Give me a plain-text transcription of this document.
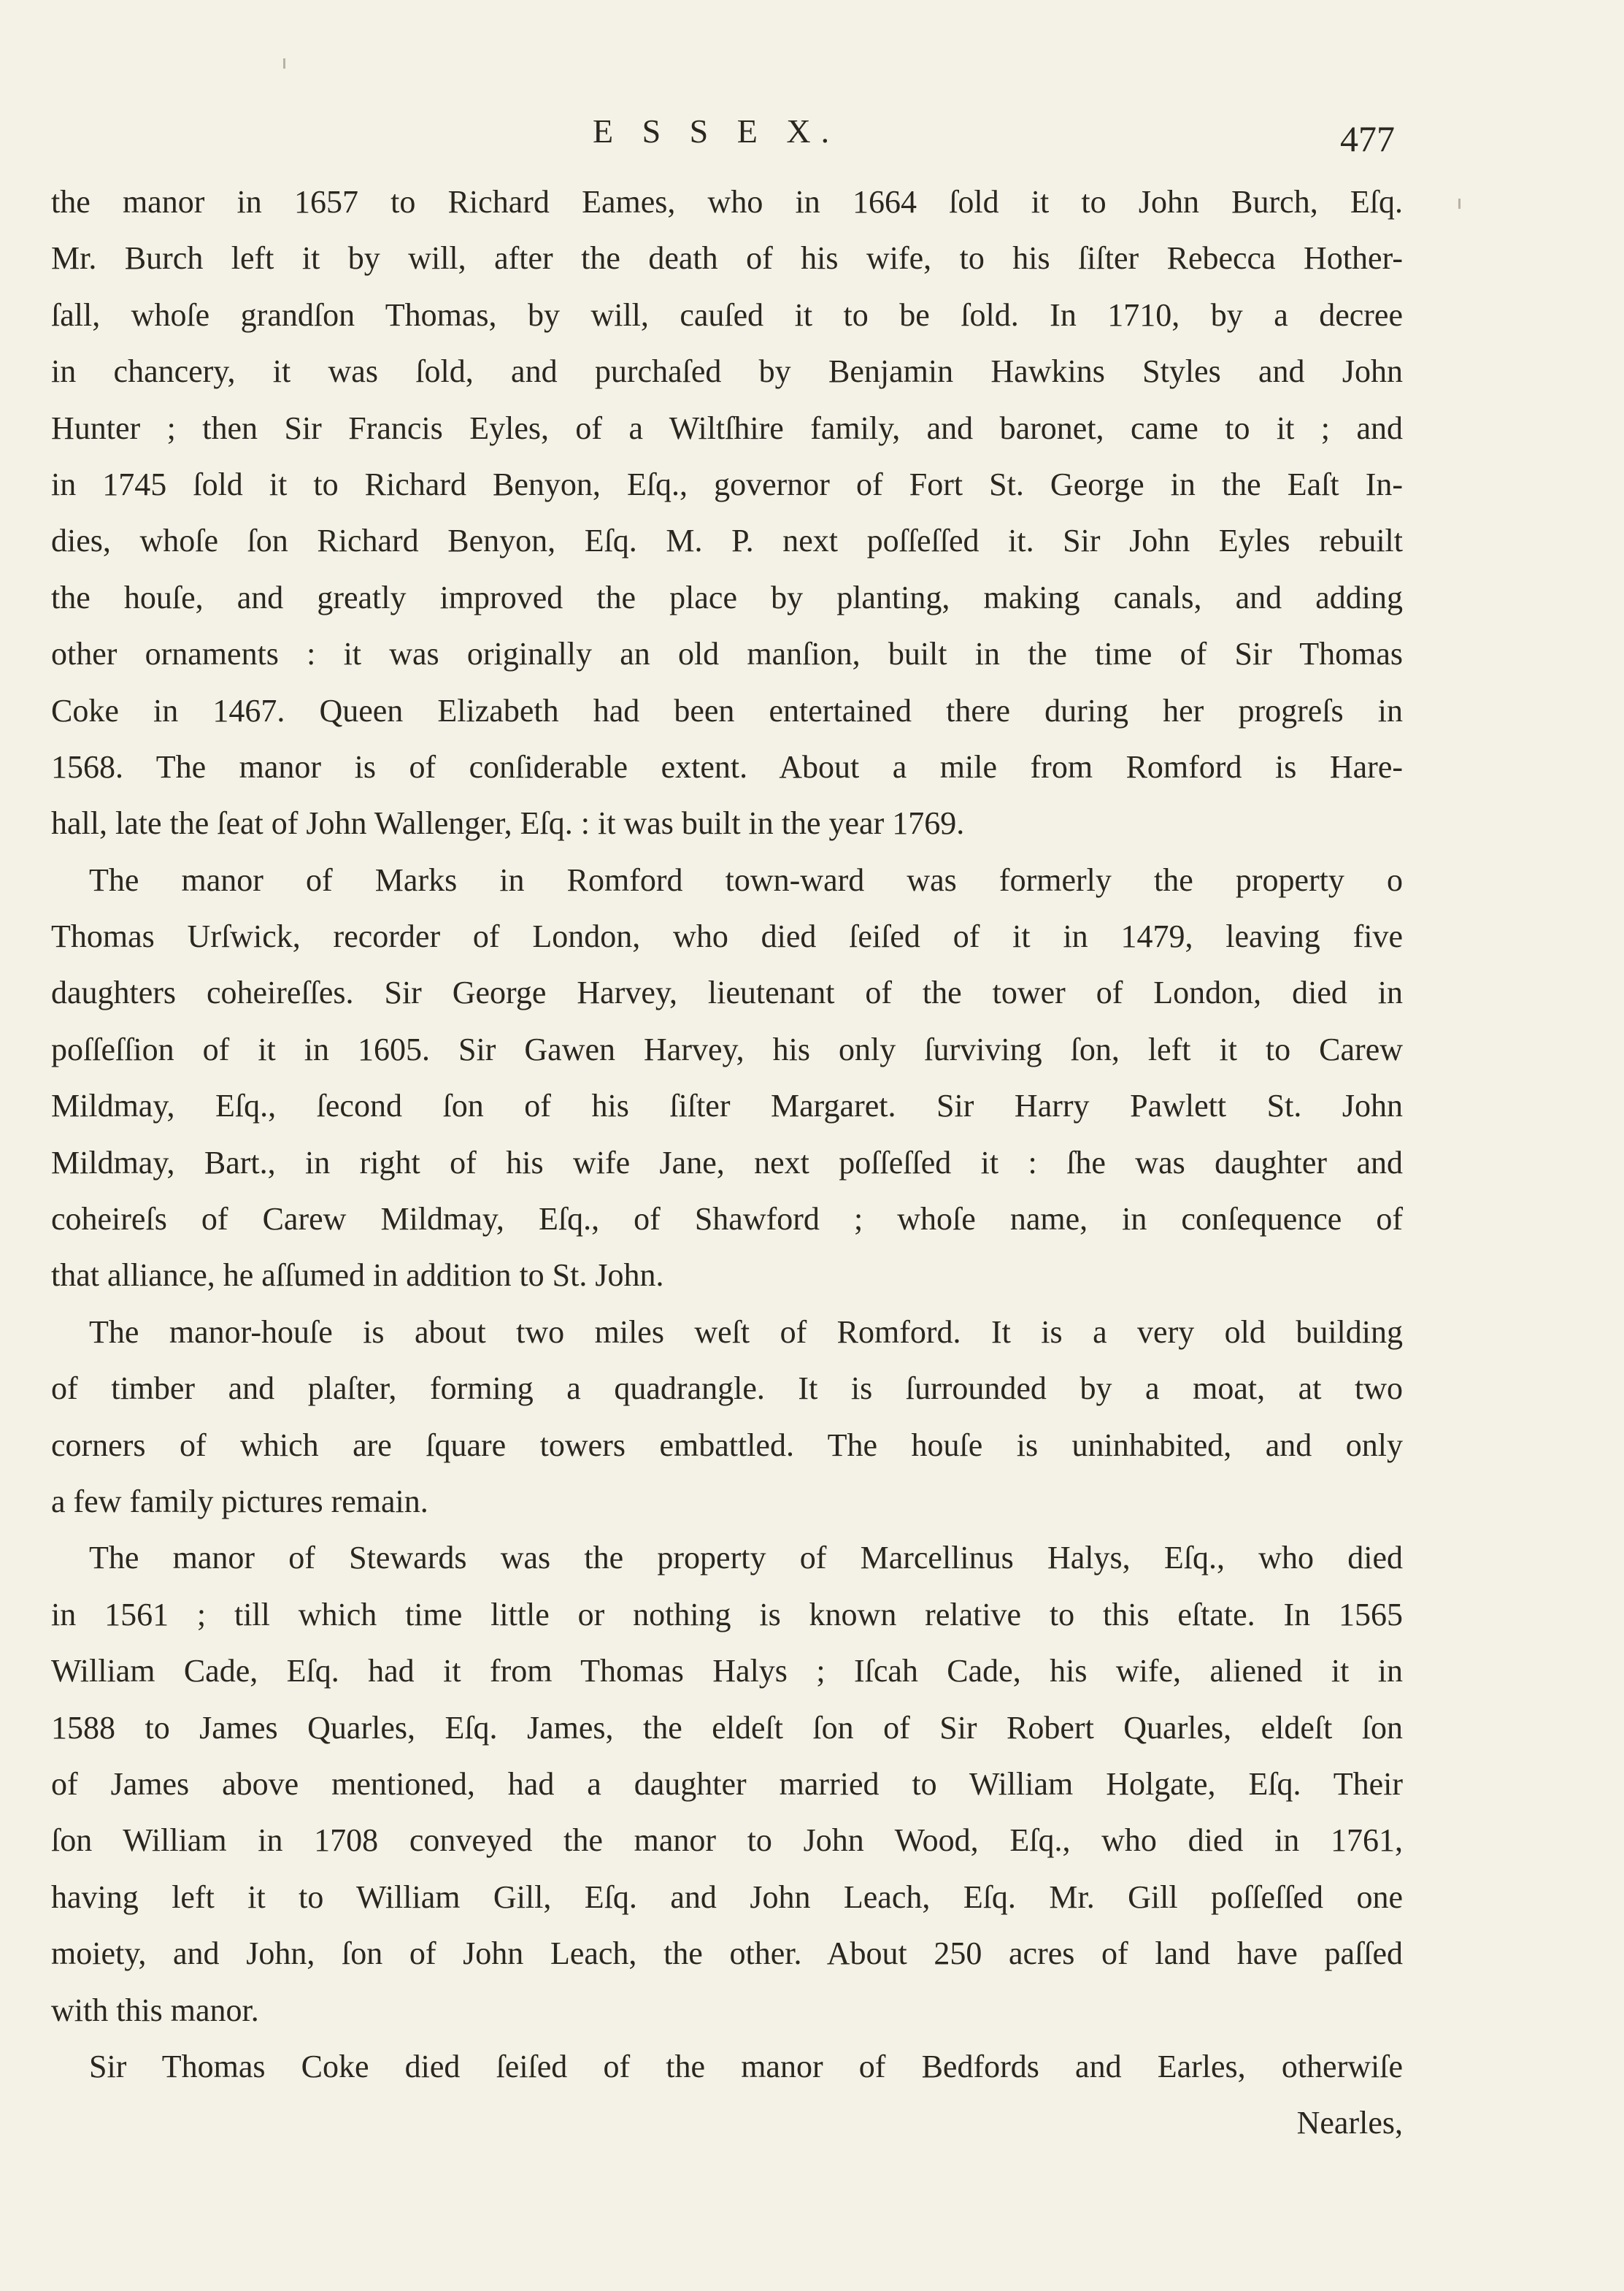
E S S E X.	477
the manor in 1657 to Richard Eames, who in 1664 ſold it to John Burch, Eſq.
Mr. Burch left it by will, after the death of his wife, to his ſiſter Rebecca Hother-
ſall, whoſe grandſon Thomas, by will, cauſed it to be ſold. In 1710, by a decree
in chancery, it was ſold, and purchaſed by Benjamin Hawkins Styles and John
Hunter ; then Sir Francis Eyles, of a Wiltſhire family, and baronet, came to it ; and
in 1745 ſold it to Richard Benyon, Eſq., governor of Fort St. George in the Eaſt In-
dies, whoſe ſon Richard Benyon, Eſq. M. P. next poſſeſſed it. Sir John Eyles rebuilt
the houſe, and greatly improved the place by planting, making canals, and adding
other ornaments : it was originally an old manſion, built in the time of Sir Thomas
Coke in 1467. Queen Elizabeth had been entertained there during her progreſs in
1568. The manor is of conſiderable extent. About a mile from Romford is Hare-
hall, late the ſeat of John Wallenger, Eſq. : it was built in the year 1769.
The manor of Marks in Romford town-ward was formerly the property o
Thomas Urſwick, recorder of London, who died ſeiſed of it in 1479, leaving five
daughters coheireſſes. Sir George Harvey, lieutenant of the tower of London, died in
poſſeſſion of it in 1605. Sir Gawen Harvey, his only ſurviving ſon, left it to Carew
Mildmay, Eſq., ſecond ſon of his ſiſter Margaret. Sir Harry Pawlett St. John
Mildmay, Bart., in right of his wife Jane, next poſſeſſed it : ſhe was daughter and
coheireſs of Carew Mildmay, Eſq., of Shawford ; whoſe name, in conſequence of
that alliance, he aſſumed in addition to St. John.
The manor-houſe is about two miles weſt of Romford. It is a very old building
of timber and plaſter, forming a quadrangle. It is ſurrounded by a moat, at two
corners of which are ſquare towers embattled. The houſe is uninhabited, and only
a few family pictures remain.
The manor of Stewards was the property of Marcellinus Halys, Eſq., who died
in 1561 ; till which time little or nothing is known relative to this eſtate. In 1565
William Cade, Eſq. had it from Thomas Halys ; Iſcah Cade, his wife, aliened it in
1588 to James Quarles, Eſq. James, the eldeſt ſon of Sir Robert Quarles, eldeſt ſon
of James above mentioned, had a daughter married to William Holgate, Eſq. Their
ſon William in 1708 conveyed the manor to John Wood, Eſq., who died in 1761,
having left it to William Gill, Eſq. and John Leach, Eſq. Mr. Gill poſſeſſed one
moiety, and John, ſon of John Leach, the other. About 250 acres of land have paſſed
with this manor.
Sir Thomas Coke died ſeiſed of the manor of Bedfords and Earles, otherwiſe
Nearles,
